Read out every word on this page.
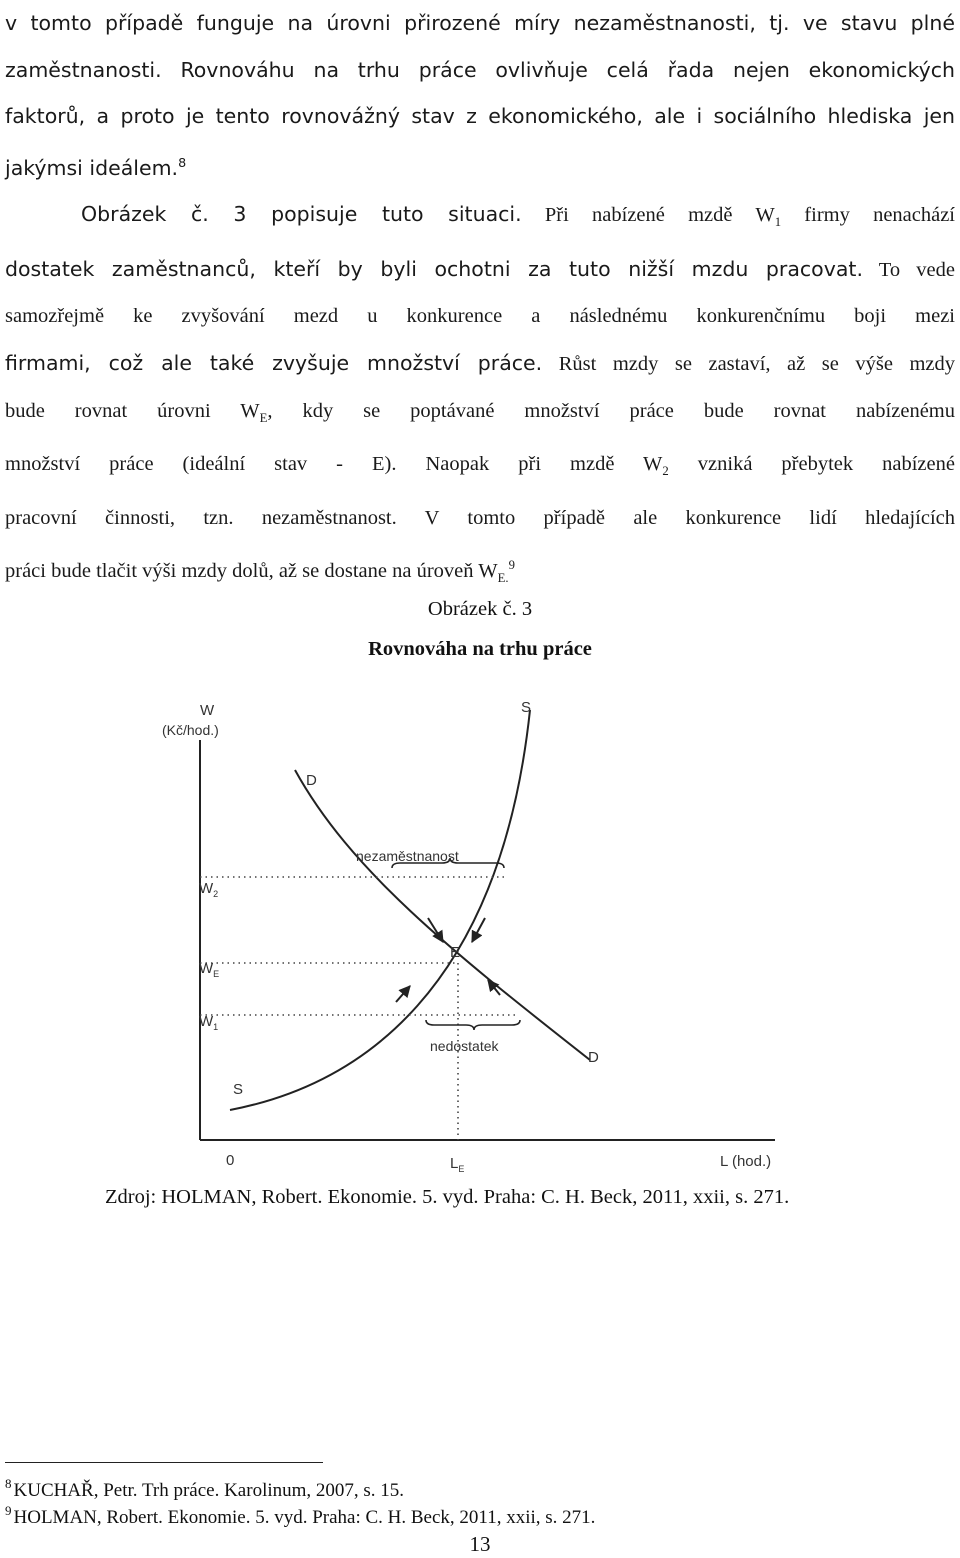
v tomto případě funguje na úrovni přirozené míry nezaměstnanosti, tj. ve stavu plné
zaměstnanosti. Rovnováhu na trhu práce ovlivňuje celá řada nejen ekonomických
faktorů, a proto je tento rovnovážný stav z ekonomického, ale i sociálního hlediska jen
jakýmsi ideálem.$^8$
Obrázek č. 3 popisuje tuto situaci. Při nabízené mzdě $W_1$ firmy nenachází
dostatek zaměstnanců, kteří by byli ochotni za tuto nižší mzdu pracovat. To vede
samozřejmě ke zvyšování mezd u konkurence a následnému konkurenčnímu boji mezi
firmami, což ale také zvyšuje množství práce. Růst mzdy se zastaví, až se výše mzdy
bude rovnat úrovni $W_E$, kdy se poptávané množství práce bude rovnat nabízenému
množství práce (ideální stav - E). Naopak při mzdě $W_2$ vzniká přebytek nabízené
pracovní činnosti, tzn. nezaměstnanost. V tomto případě ale konkurence lidí hledajících
práci bude tlačit výši mzdy dolů, až se dostane na úroveň $W_{E.}^9$
Obrázek č. 3
Rovnováha na trhu práce
W
(Kč/hod.)
S
D
nezaměstnanost
$W_2$
E
$W_E$
$W_1$
nedostatek
D
S
0	$L_E$	L (hod.)
Zdroj: HOLMAN, Robert. Ekonomie. 5. vyd. Praha: C. H. Beck, 2011, xxii, s. 271.
$^8$ KUCHAŘ, Petr. Trh práce. Karolinum, 2007, s. 15.
$^9$ HOLMAN, Robert. Ekonomie. 5. vyd. Praha: C. H. Beck, 2011, xxii, s. 271.
13
